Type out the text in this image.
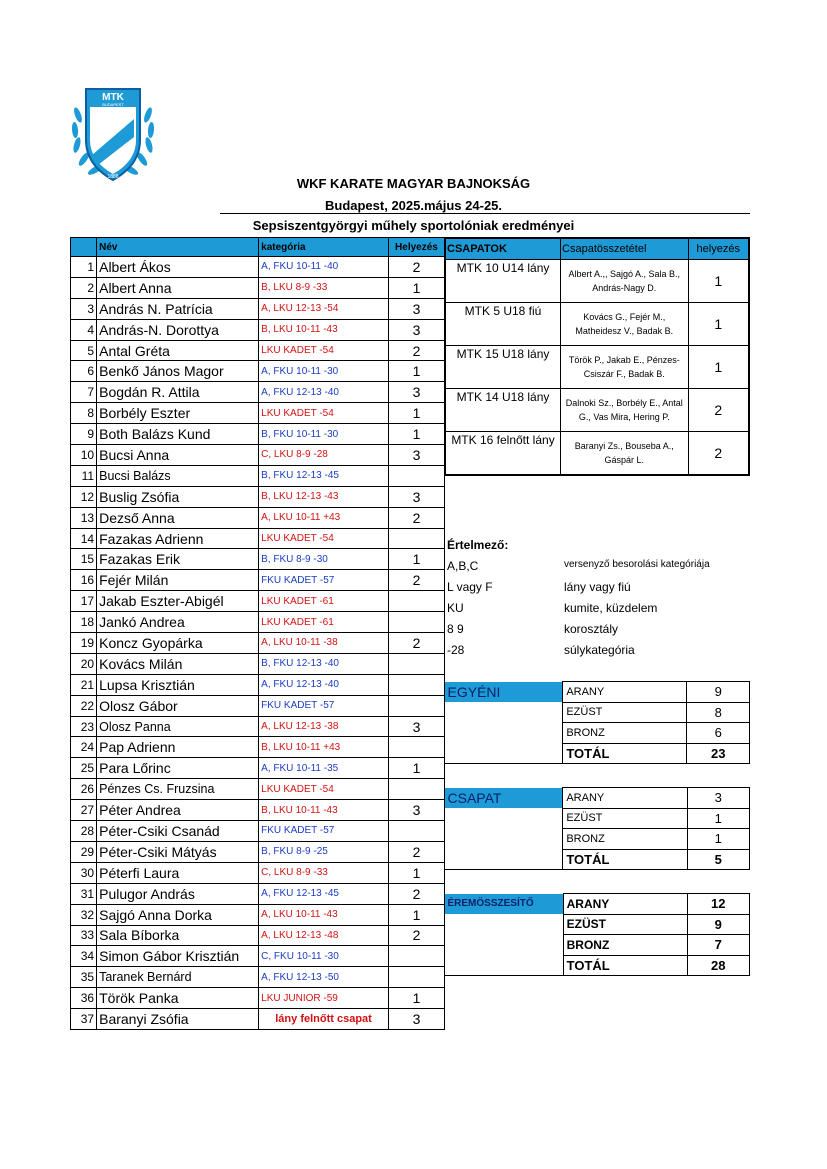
MTK
BUDAPEST
1888	WKF KARATE MAGYAR BAJNOKSÁG
Budapest, 2025.május 24-25.
Sepsiszentgyörgyi műhely sportolóniak eredményei
	Név	kategória	Helyezés
1	Albert Ákos	A, FKU 10-11 -40	2
2	Albert Anna	B, LKU 8-9 -33	1
3	András N. Patrícia	A, LKU 12-13 -54	3
4	András-N. Dorottya	B, LKU 10-11 -43	3
5	Antal Gréta	LKU KADET -54	2
6	Benkő János Magor	A, FKU 10-11 -30	1
7	Bogdán R. Attila	A, FKU 12-13 -40	3
8	Borbély Eszter	LKU KADET -54	1
9	Both Balázs Kund	B, FKU 10-11 -30	1
10	Bucsi Anna	C, LKU 8-9 -28	3
11	Bucsi Balázs	B, FKU 12-13 -45	
12	Buslig Zsófia	B, LKU 12-13 -43	3
13	Dezső Anna	A, LKU 10-11 +43	2
14	Fazakas Adrienn	LKU KADET -54	
15	Fazakas Erik	B, FKU 8-9 -30	1
16	Fejér Milán	FKU KADET -57	2
17	Jakab Eszter-Abigél	LKU KADET -61	
18	Jankó Andrea	LKU KADET -61	
19	Koncz Gyopárka	A, LKU 10-11 -38	2
20	Kovács Milán	B, FKU 12-13 -40	
21	Lupsa Krisztián	A, FKU 12-13 -40	
22	Olosz Gábor	FKU KADET -57	
23	Olosz Panna	A, LKU 12-13 -38	3
24	Pap Adrienn	B, LKU 10-11 +43	
25	Para Lőrinc	A, FKU 10-11 -35	1
26	Pénzes Cs. Fruzsina	LKU KADET -54	
27	Péter Andrea	B, LKU 10-11 -43	3
28	Péter-Csiki Csanád	FKU KADET -57	
29	Péter-Csiki Mátyás	B, FKU 8-9 -25	2
30	Péterfi Laura	C, LKU 8-9 -33	1
31	Pulugor András	A, FKU 12-13 -45	2
32	Sajgó Anna Dorka	A, LKU 10-11 -43	1
33	Sala Bíborka	A, LKU 12-13 -48	2
34	Simon Gábor Krisztián	C, FKU 10-11 -30	
35	Taranek Bernárd	A, FKU 12-13 -50	
36	Török Panka	LKU JUNIOR -59	1
37	Baranyi Zsófia	lány felnőtt csapat	3
CSAPATOK	Csapatösszetétel	helyezés
MTK 10 U14 lány	Albert A.,, Sajgó A., Sala B., András-Nagy D.	1
MTK 5 U18 fiú	Kovács G., Fejér M., Matheidesz V., Badak B.	1
MTK 15 U18 lány	Török P., Jakab E., Pénzes-Csiszár F., Badak B.	1
MTK 14 U18 lány	Dalnoki Sz., Borbély E., Antal G., Vas Mira, Hering P.	2
MTK 16 felnőtt lány	Baranyi Zs., Bouseba A., Gáspár L.	2
Értelmező:
A,B,C	versenyző besorolási kategóriája
L vagy F	lány vagy fiú
KU	kumite, küzdelem
8 9	korosztály
-28	súlykategória
EGYÉNI	ARANY	9
	EZÜST	8
	BRONZ	6
	TOTÁL	23
CSAPAT	ARANY	3
	EZÜST	1
	BRONZ	1
	TOTÁL	5
ÉREMÖSSZESÍTŐ	ARANY	12
	EZÜST	9
	BRONZ	7
	TOTÁL	28
